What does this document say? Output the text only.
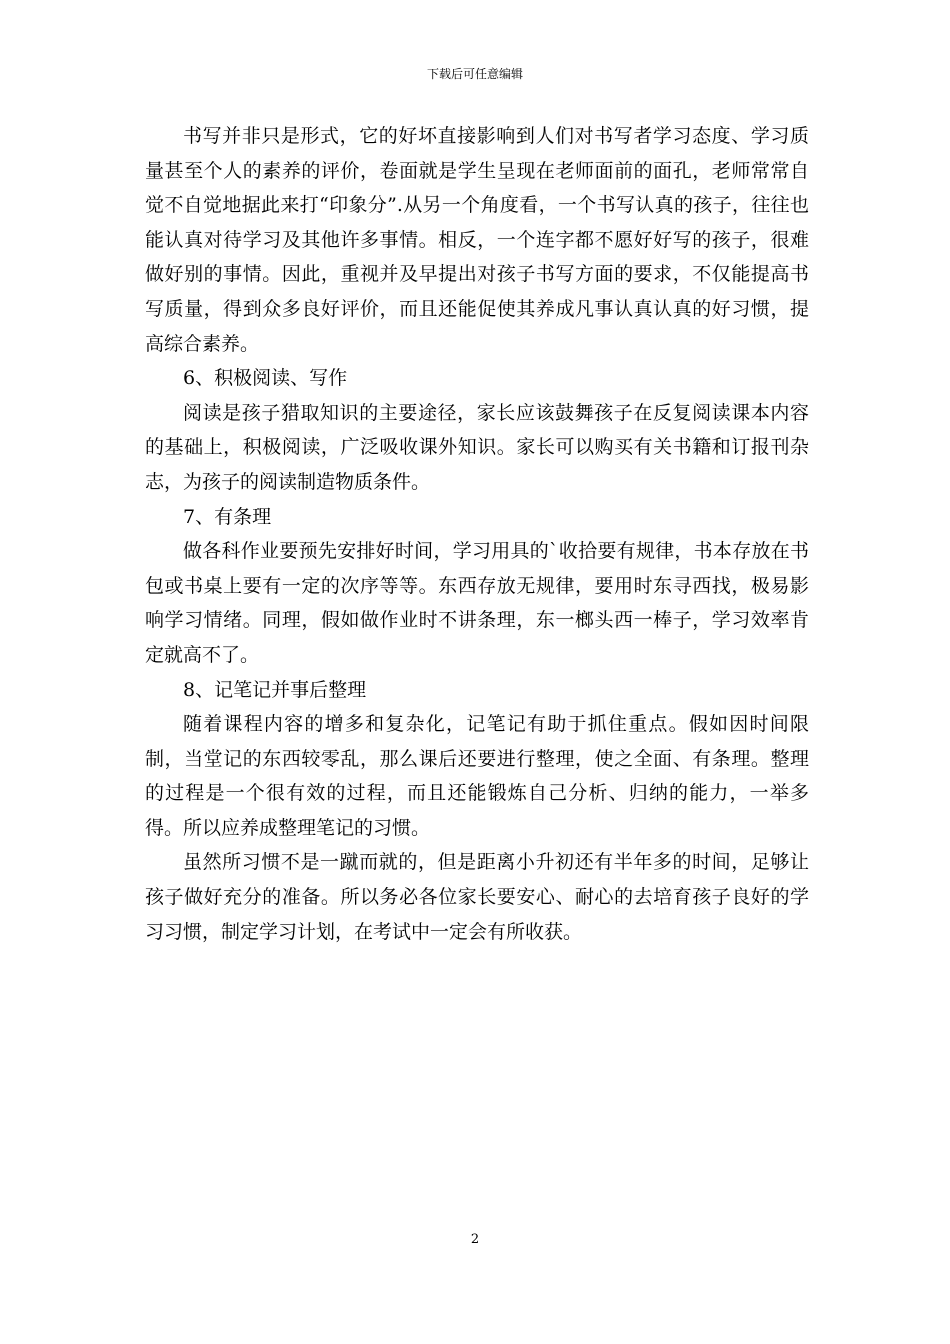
下载后可任意编辑

书写并非只是形式，它的好坏直接影响到人们对书写者学习态度、学习质量甚至个人的素养的评价，卷面就是学生呈现在老师面前的面孔，老师常常自觉不自觉地据此来打“印象分”.从另一个角度看，一个书写认真的孩子，往往也能认真对待学习及其他许多事情。相反，一个连字都不愿好好写的孩子，很难做好别的事情。因此，重视并及早提出对孩子书写方面的要求，不仅能提高书写质量，得到众多良好评价，而且还能促使其养成凡事认真认真的好习惯，提高综合素养。

6、积极阅读、写作

阅读是孩子猎取知识的主要途径，家长应该鼓舞孩子在反复阅读课本内容的基础上，积极阅读，广泛吸收课外知识。家长可以购买有关书籍和订报刊杂志，为孩子的阅读制造物质条件。

7、有条理

做各科作业要预先安排好时间，学习用具的`收拾要有规律，书本存放在书包或书桌上要有一定的次序等等。东西存放无规律，要用时东寻西找，极易影响学习情绪。同理，假如做作业时不讲条理，东一榔头西一棒子，学习效率肯定就高不了。

8、记笔记并事后整理

随着课程内容的增多和复杂化，记笔记有助于抓住重点。假如因时间限制，当堂记的东西较零乱，那么课后还要进行整理，使之全面、有条理。整理的过程是一个很有效的过程，而且还能锻炼自己分析、归纳的能力，一举多得。所以应养成整理笔记的习惯。

虽然所习惯不是一蹴而就的，但是距离小升初还有半年多的时间，足够让孩子做好充分的准备。所以务必各位家长要安心、耐心的去培育孩子良好的学习习惯，制定学习计划，在考试中一定会有所收获。

2
